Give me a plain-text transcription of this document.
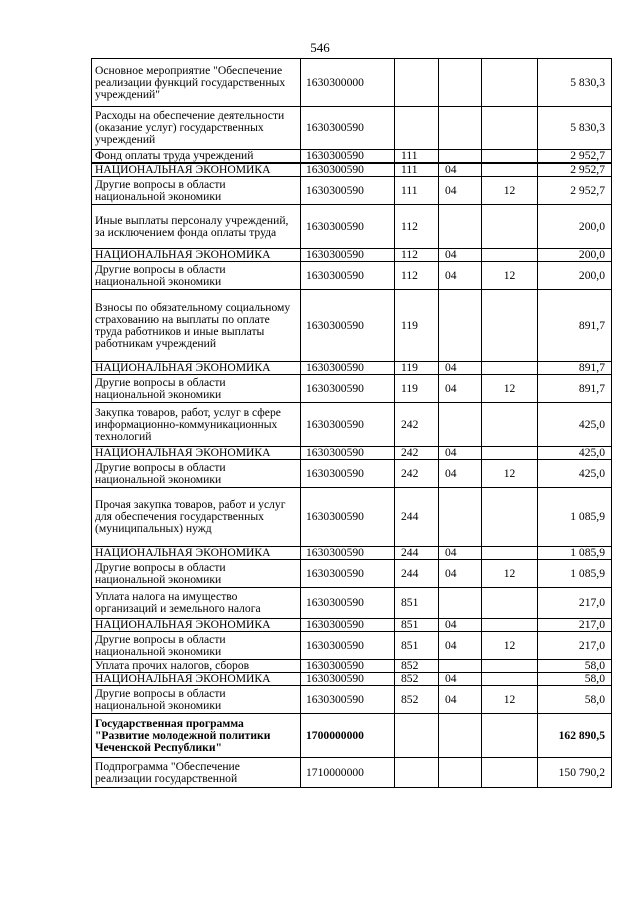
546
Основное мероприятие "Обеспечение реализации функций государственных учреждений"	1630300000				5 830,3
Расходы на обеспечение деятельности (оказание услуг) государственных учреждений	1630300590				5 830,3
Фонд оплаты труда учреждений	1630300590	111			2 952,7
НАЦИОНАЛЬНАЯ ЭКОНОМИКА	1630300590	111	04		2 952,7
Другие вопросы в области национальной экономики	1630300590	111	04	12	2 952,7
Иные выплаты персоналу учреждений, за исключением фонда оплаты труда	1630300590	112			200,0
НАЦИОНАЛЬНАЯ ЭКОНОМИКА	1630300590	112	04		200,0
Другие вопросы в области национальной экономики	1630300590	112	04	12	200,0
Взносы по обязательному социальному страхованию на выплаты по оплате труда работников и иные выплаты работникам учреждений	1630300590	119			891,7
НАЦИОНАЛЬНАЯ ЭКОНОМИКА	1630300590	119	04		891,7
Другие вопросы в области национальной экономики	1630300590	119	04	12	891,7
Закупка товаров, работ, услуг в сфере информационно-коммуникационных технологий	1630300590	242			425,0
НАЦИОНАЛЬНАЯ ЭКОНОМИКА	1630300590	242	04		425,0
Другие вопросы в области национальной экономики	1630300590	242	04	12	425,0
Прочая закупка товаров, работ и услуг для обеспечения государственных (муниципальных) нужд	1630300590	244			1 085,9
НАЦИОНАЛЬНАЯ ЭКОНОМИКА	1630300590	244	04		1 085,9
Другие вопросы в области национальной экономики	1630300590	244	04	12	1 085,9
Уплата налога на имущество организаций и земельного налога	1630300590	851			217,0
НАЦИОНАЛЬНАЯ ЭКОНОМИКА	1630300590	851	04		217,0
Другие вопросы в области национальной экономики	1630300590	851	04	12	217,0
Уплата прочих налогов, сборов	1630300590	852			58,0
НАЦИОНАЛЬНАЯ ЭКОНОМИКА	1630300590	852	04		58,0
Другие вопросы в области национальной экономики	1630300590	852	04	12	58,0
Государственная программа "Развитие молодежной политики Чеченской Республики"	1700000000				162 890,5
Подпрограмма "Обеспечение реализации государственной	1710000000				150 790,2
